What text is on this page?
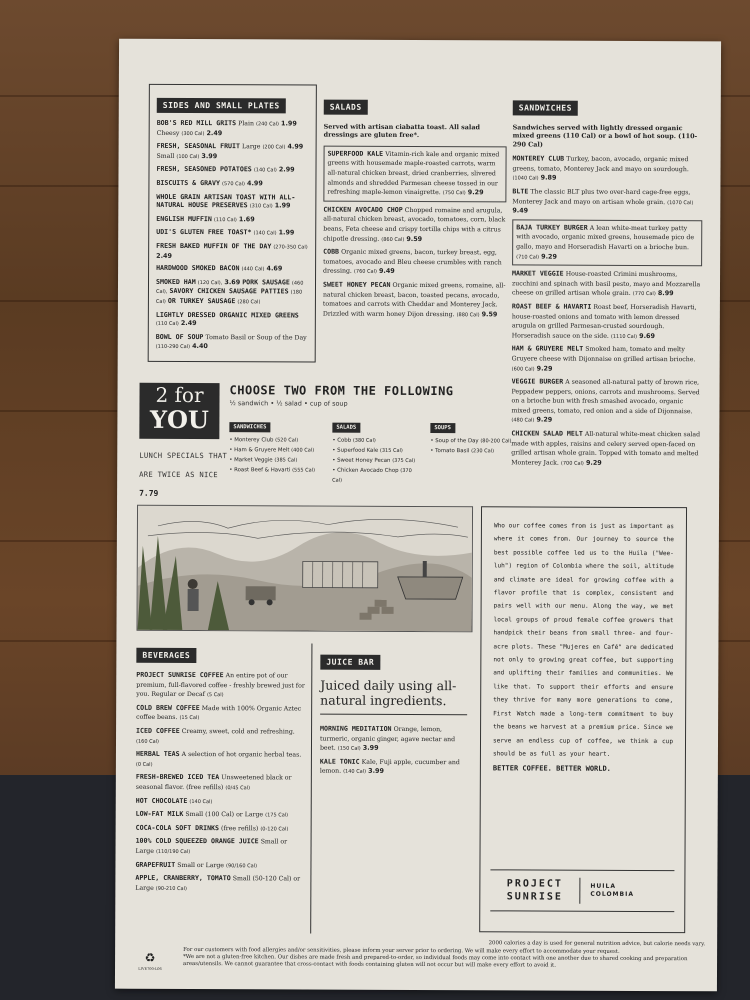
SIDES AND SMALL PLATES
BOB'S RED MILL GRITS Plain (240 Cal) 1.99 Cheesy (300 Cal) 2.49
FRESH, SEASONAL FRUIT Large (200 Cal) 4.99 Small (100 Cal) 3.99
FRESH, SEASONED POTATOES (140 Cal) 2.99
BISCUITS & GRAVY (570 Cal) 4.99
WHOLE GRAIN ARTISAN TOAST WITH ALL-NATURAL HOUSE PRESERVES (310 Cal) 1.99
ENGLISH MUFFIN (110 Cal) 1.69
UDI'S GLUTEN FREE TOAST* (140 Cal) 1.99
FRESH BAKED MUFFIN OF THE DAY (270-350 Cal) 2.49
HARDWOOD SMOKED BACON (440 Cal) 4.69
SMOKED HAM (120 Cal), 3.69 PORK SAUSAGE (460 Cal), SAVORY CHICKEN SAUSAGE PATTIES (180 Cal) OR TURKEY SAUSAGE (280 Cal)
LIGHTLY DRESSED ORGANIC MIXED GREENS (110 Cal) 2.49
BOWL OF SOUP Tomato Basil or Soup of the Day (110-290 Cal) 4.40
SALADS
Served with artisan ciabatta toast. All salad dressings are gluten free*.
SUPERFOOD KALE Vitamin-rich kale and organic mixed greens with housemade maple-roasted carrots, warm all-natural chicken breast, dried cranberries, slivered almonds and shredded Parmesan cheese tossed in our refreshing maple-lemon vinaigrette. (750 Cal) 9.29
CHICKEN AVOCADO CHOP Chopped romaine and arugula, all-natural chicken breast, avocado, tomatoes, corn, black beans, Feta cheese and crispy tortilla chips with a citrus chipotle dressing. (860 Cal) 9.59
COBB Organic mixed greens, bacon, turkey breast, egg, tomatoes, avocado and Bleu cheese crumbles with ranch dressing. (760 Cal) 9.49
SWEET HONEY PECAN Organic mixed greens, romaine, all-natural chicken breast, bacon, toasted pecans, avocado, tomatoes and carrots with Cheddar and Monterey Jack. Drizzled with warm honey Dijon dressing. (880 Cal) 9.59
SANDWICHES
Sandwiches served with lightly dressed organic mixed greens (110 Cal) or a bowl of hot soup. (110-290 Cal)
MONTEREY CLUB Turkey, bacon, avocado, organic mixed greens, tomato, Monterey Jack and mayo on sourdough. (1040 Cal) 9.89
BLTE The classic BLT plus two over-hard cage-free eggs, Monterey Jack and mayo on artisan whole grain. (1070 Cal) 9.49
BAJA TURKEY BURGER A lean white-meat turkey patty with avocado, organic mixed greens, housemade pico de gallo, mayo and Horseradish Havarti on a brioche bun. (710 Cal) 9.29
MARKET VEGGIE House-roasted Crimini mushrooms, zucchini and spinach with basil pesto, mayo and Mozzarella cheese on grilled artisan whole grain. (770 Cal) 8.99
ROAST BEEF & HAVARTI Roast beef, Horseradish Havarti, house-roasted onions and tomato with lemon dressed arugula on grilled Parmesan-crusted sourdough. Horseradish sauce on the side. (1110 Cal) 9.69
HAM & GRUYERE MELT Smoked ham, tomato and melty Gruyere cheese with Dijonnaise on grilled artisan brioche. (600 Cal) 9.29
VEGGIE BURGER A seasoned all-natural patty of brown rice, Peppadew peppers, onions, carrots and mushrooms. Served on a brioche bun with fresh smashed avocado, organic mixed greens, tomato, red onion and a side of Dijonnaise. (480 Cal) 9.29
CHICKEN SALAD MELT All-natural white-meat chicken salad made with apples, raisins and celery served open-faced on grilled artisan whole grain. Topped with tomato and melted Monterey Jack. (700 Cal) 9.29
2 for
YOU
LUNCH SPECIALS THAT ARE TWICE AS NICE 7.79
CHOOSE TWO FROM THE FOLLOWING
½ sandwich • ½ salad • cup of soup
SANDWICHES
• Monterey Club (520 Cal)
• Ham & Gruyere Melt (400 Cal)
• Market Veggie (385 Cal)
• Roast Beef & Havarti (555 Cal)
SALADS
• Cobb (380 Cal)
• Superfood Kale (315 Cal)
• Sweet Honey Pecan (375 Cal)
• Chicken Avocado Chop (370 Cal)
SOUPS
• Soup of the Day (80-200 Cal)
• Tomato Basil (230 Cal)
Who our coffee comes from is just as important as where it comes from. Our journey to source the best possible coffee led us to the Huila ("Wee-luh") region of Colombia where the soil, altitude and climate are ideal for growing coffee with a flavor profile that is complex, consistent and pairs well with our menu. Along the way, we met local groups of proud female coffee growers that handpick their beans from small three- and four-acre plots. These "Mujeres en Café" are dedicated not only to growing great coffee, but supporting and uplifting their families and communities. We like that. To support their efforts and ensure they thrive for many more generations to come, First Watch made a long-term commitment to buy the beans we harvest at a premium price. Since we serve an endless cup of coffee, we think a cup should be as full as your heart.
BETTER COFFEE. BETTER WORLD.
PROJECT
SUNRISE
HUILA
COLOMBIA
BEVERAGES
PROJECT SUNRISE COFFEE An entire pot of our premium, full-flavored coffee - freshly brewed just for you. Regular or Decaf (5 Cal)
COLD BREW COFFEE Made with 100% Organic Aztec coffee beans. (15 Cal)
ICED COFFEE Creamy, sweet, cold and refreshing. (160 Cal)
HERBAL TEAS A selection of hot organic herbal teas. (0 Cal)
FRESH-BREWED ICED TEA Unsweetened black or seasonal flavor. (free refills) (0/45 Cal)
HOT CHOCOLATE (140 Cal)
LOW-FAT MILK Small (100 Cal) or Large (175 Cal)
COCA-COLA SOFT DRINKS (free refills) (0-120 Cal)
100% COLD SQUEEZED ORANGE JUICE Small or Large (110/190 Cal)
GRAPEFRUIT Small or Large (90/160 Cal)
APPLE, CRANBERRY, TOMATO Small (50-120 Cal) or Large (90-210 Cal)
JUICE BAR
Juiced daily using all-natural ingredients.
MORNING MEDITATION Orange, lemon, turmeric, organic ginger, agave nectar and beet. (150 Cal) 3.99
KALE TONIC Kale, Fuji apple, cucumber and lemon. (140 Cal) 3.99
2000 calories a day is used for general nutrition advice, but calorie needs vary.
♻
LIVE700-L06
For our customers with food allergies and/or sensitivities, please inform your server prior to ordering. We will make every effort to accommodate your request.
*We are not a gluten-free kitchen. Our dishes are made fresh and prepared-to-order, so individual foods may come into contact with one another due to shared cooking and preparation areas/utensils. We cannot guarantee that cross-contact with foods containing gluten will not occur but will make every effort to avoid it.
